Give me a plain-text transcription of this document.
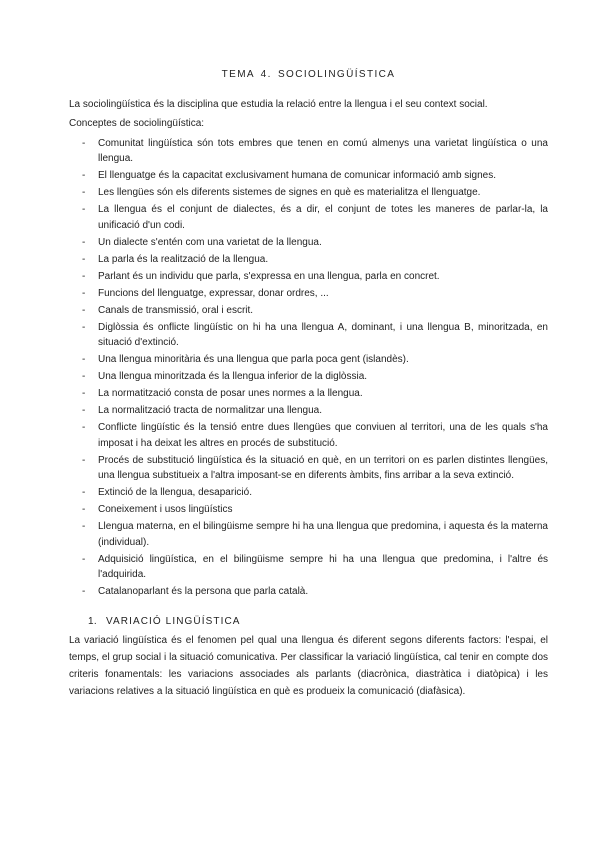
TEMA 4. SOCIOLINGÜÍSTICA

La sociolingüística és la disciplina que estudia la relació entre la llengua i el seu context social.

Conceptes de sociolingüística:

-	Comunitat lingüística són tots embres que tenen en comú almenys una varietat lingüística o una llengua.
-	El llenguatge és la capacitat exclusivament humana de comunicar informació amb signes.
-	Les llengües són els diferents sistemes de signes en què es materialitza el llenguatge.
-	La llengua és el conjunt de dialectes, és a dir, el conjunt de totes les maneres de parlar-la, la unificació d'un codi.
-	Un dialecte s'entén com una varietat de la llengua.
-	La parla és la realització de la llengua.
-	Parlant és un individu que parla, s'expressa en una llengua, parla en concret.
-	Funcions del llenguatge, expressar, donar ordres, ...
-	Canals de transmissió, oral i escrit.
-	Diglòssia és onflicte lingüístic on hi ha una llengua A, dominant, i una llengua B, minoritzada, en situació d'extinció.
-	Una llengua minoritària és una llengua que parla poca gent (islandès).
-	Una llengua minoritzada és la llengua inferior de la diglòssia.
-	La normatització consta de posar unes normes a la llengua.
-	La normalització tracta de normalitzar una llengua.
-	Conflicte lingüístic és la tensió entre dues llengües que conviuen al territori, una de les quals s'ha imposat i ha deixat les altres en procés de substitució.
-	Procés de substitució lingüística és la situació en què, en un territori on es parlen distintes llengües, una llengua substitueix a l'altra imposant-se en diferents àmbits, fins arribar a la seva extinció.
-	Extinció de la llengua, desaparició.
-	Coneixement i usos lingüístics
-	Llengua materna, en el bilingüisme sempre hi ha una llengua que predomina, i aquesta és la materna (individual).
-	Adquisició lingüística, en el bilingüisme sempre hi ha una llengua que predomina, i l'altre és l'adquirida.
-	Catalanoparlant és la persona que parla català.
1. VARIACIÓ LINGÜÍSTICA

La variació lingüística és el fenomen pel qual una llengua és diferent segons diferents factors: l'espai, el temps, el grup social i la situació comunicativa. Per classificar la variació lingüística, cal tenir en compte dos criteris fonamentals: les variacions associades als parlants (diacrònica, diastràtica i diatòpica) i les variacions relatives a la situació lingüística en què es produeix la comunicació (diafàsica).
